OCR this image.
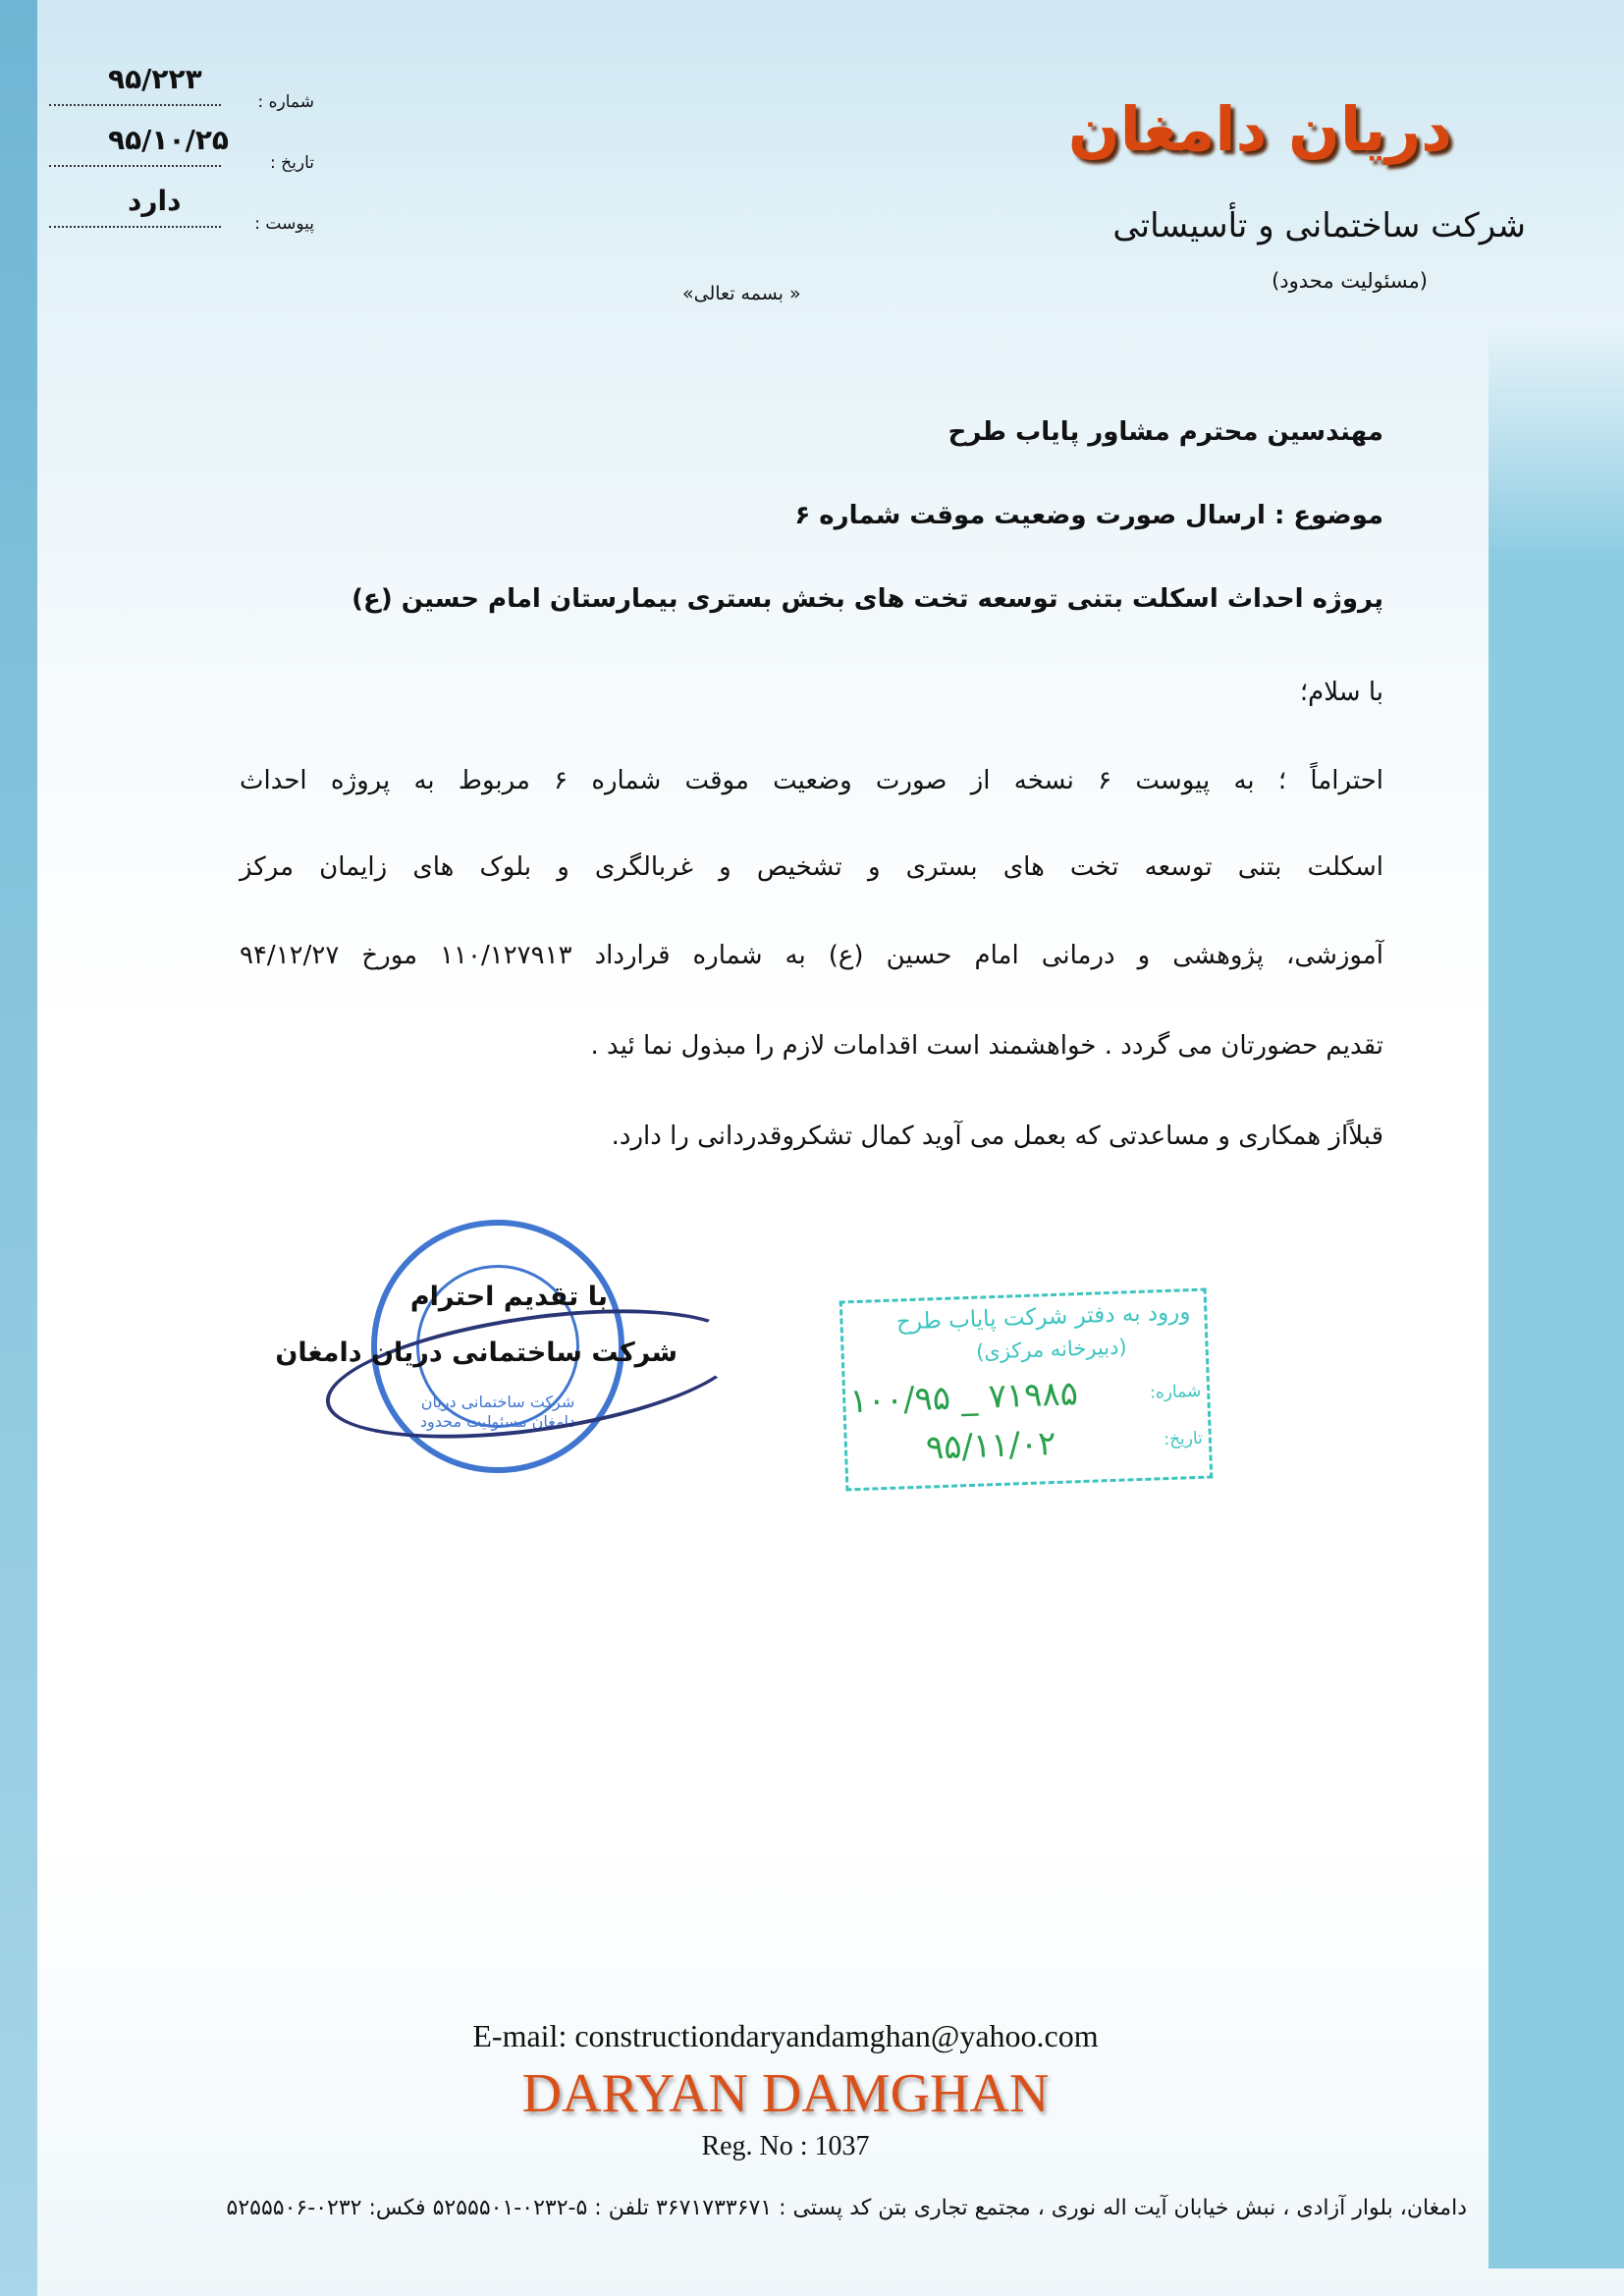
دریان دامغان
شرکت ساختمانی و تأسیساتی
(مسئولیت محدود)
شماره :
۹۵/۲۲۳
تاریخ :
۹۵/۱۰/۲۵
پیوست :
دارد
« بسمه تعالی»
مهندسین محترم مشاور پایاب طرح
موضوع : ارسال صورت وضعیت موقت شماره ۶
پروژه احداث اسکلت بتنی توسعه تخت های بخش بستری بیمارستان امام حسین (ع)
با سلام؛
احتراماً ؛ به پیوست ۶ نسخه از صورت وضعیت موقت شماره ۶ مربوط به پروژه احداث
اسکلت بتنی توسعه تخت های بستری و تشخیص و غربالگری و بلوک های زایمان مرکز
آموزشی، پژوهشی و درمانی امام حسین (ع) به شماره قرارداد ۱۱۰/۱۲۷۹۱۳ مورخ ۹۴/۱۲/۲۷
تقدیم حضورتان می گردد . خواهشمند است اقدامات لازم را مبذول نما ئید .
قبلاًاز همکاری و مساعدتی که بعمل می آوید کمال تشکروقدردانی را دارد.
شرکت ساختمانی دریان دامغان مسئولیت محدود
با تقدیم احترام
شرکت ساختمانی دریان دامغان
ورود به دفتر شرکت پایاب طرح
(دبیرخانه مرکزی)
شماره:
۱۰۰/۹۵ _ ۷۱۹۸۵
تاریخ:
۹۵/۱۱/۰۲
E-mail: constructiondaryandamghan@yahoo.com
DARYAN DAMGHAN
Reg. No : 1037
دامغان، بلوار آزادی ، نبش خیابان آیت اله نوری ، مجتمع تجاری بتن کد پستی : ۳۶۷۱۷۳۳۶۷۱ تلفن : ۵-۰۲۳۲-۵۲۵۵۵۰۱ فکس: ۰۲۳۲-۵۲۵۵۵۰۶
